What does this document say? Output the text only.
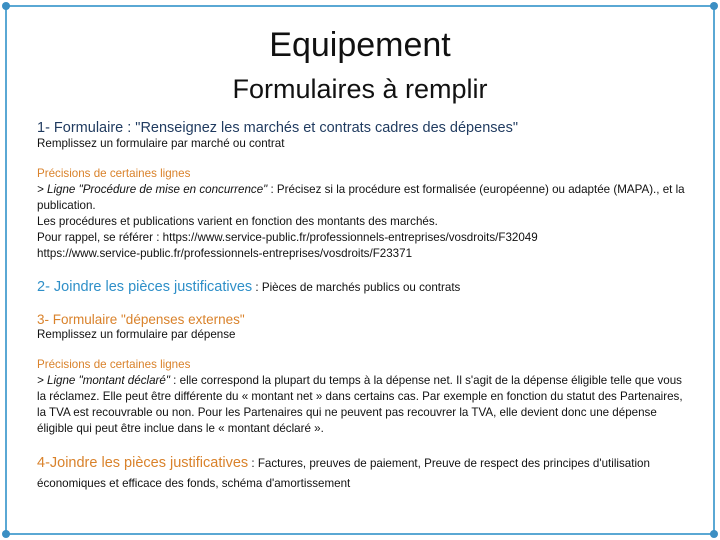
Equipement
Formulaires à remplir

1- Formulaire : "Renseignez les marchés et contrats cadres des dépenses"

Remplissez un formulaire par marché ou contrat

Précisions de certaines lignes

> Ligne "Procédure de mise en concurrence" : Précisez si la procédure est formalisée (européenne) ou adaptée (MAPA)., et la publication.

Les procédures et publications varient en fonction des montants des marchés.

Pour rappel, se référer : https://www.service-public.fr/professionnels-entreprises/vosdroits/F32049

https://www.service-public.fr/professionnels-entreprises/vosdroits/F23371

2- Joindre les pièces justificatives : Pièces de marchés publics ou contrats

3- Formulaire "dépenses externes"

Remplissez un formulaire par dépense

Précisions de certaines lignes

> Ligne "montant déclaré" : elle correspond la plupart du temps à la dépense net. Il s'agit de la dépense éligible telle que vous la réclamez. Elle peut être différente du « montant net » dans certains cas. Par exemple en fonction du statut des Partenaires, la TVA est recouvrable ou non. Pour les Partenaires qui ne peuvent pas recouvrer la TVA, elle devient donc une dépense éligible qui peut être inclue dans le « montant déclaré ».

4-Joindre les pièces justificatives : Factures, preuves de paiement, Preuve de respect des principes d'utilisation économiques et efficace des fonds, schéma d'amortissement
